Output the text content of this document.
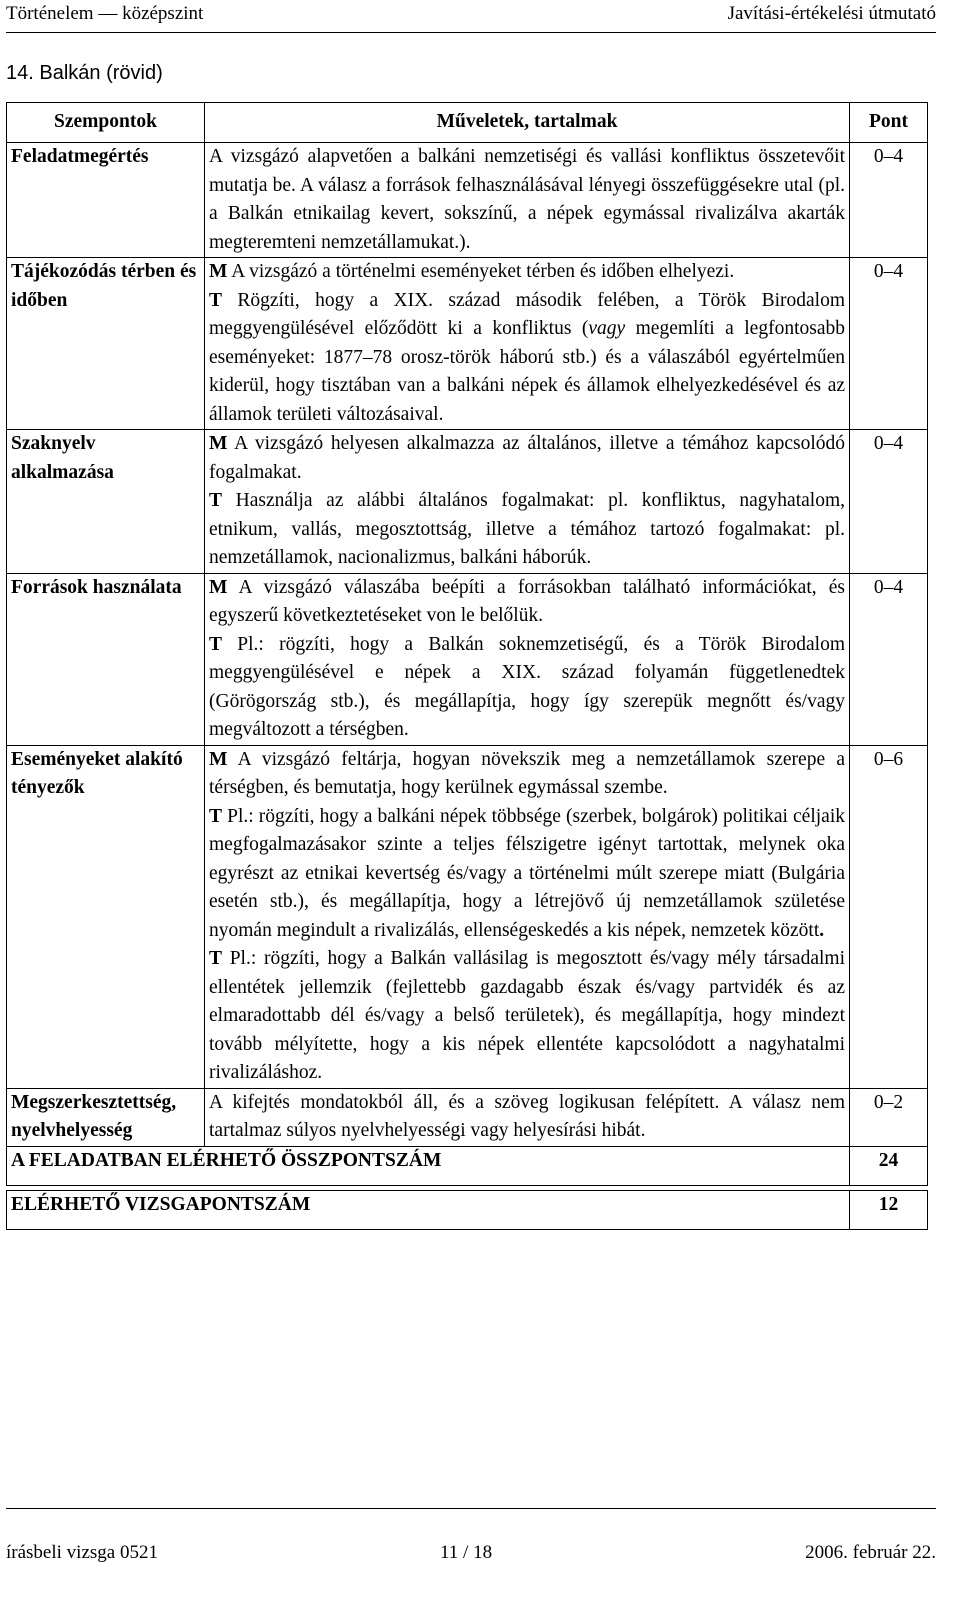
Történelem — középszint	Javítási-értékelési útmutató
14. Balkán (rövid)
Szempontok	Műveletek, tartalmak	Pont
Feladatmegértés	A vizsgázó alapvetően a balkáni nemzetiségi és vallási konfliktus összetevőit mutatja be. A válasz a források felhasználásával lényegi összefüggésekre utal (pl. a Balkán etnikailag kevert, sokszínű, a népek egymással rivalizálva akarták megteremteni nemzetállamukat.).	0–4
Tájékozódás térben és időben	M A vizsgázó a történelmi eseményeket térben és időben elhelyezi.
T Rögzíti, hogy a XIX. század második felében, a Török Birodalom meggyengülésével előződött ki a konfliktus (vagy megemlíti a legfontosabb eseményeket: 1877–78 orosz-török háború stb.) és a válaszából egyértelműen kiderül, hogy tisztában van a balkáni népek és államok elhelyezkedésével és az államok területi változásaival.	0–4
Szaknyelv alkalmazása	M A vizsgázó helyesen alkalmazza az általános, illetve a témához kapcsolódó fogalmakat.
T Használja az alábbi általános fogalmakat: pl. konfliktus, nagyhatalom, etnikum, vallás, megosztottság, illetve a témához tartozó fogalmakat: pl. nemzetállamok, nacionalizmus, balkáni háborúk.	0–4
Források használata	M A vizsgázó válaszába beépíti a forrásokban található információkat, és egyszerű következtetéseket von le belőlük.
T Pl.: rögzíti, hogy a Balkán soknemzetiségű, és a Török Birodalom meggyengülésével e népek a XIX. század folyamán függetlenedtek (Görögország stb.), és megállapítja, hogy így szerepük megnőtt és/vagy megváltozott a térségben.	0–4
Eseményeket alakító tényezők	M A vizsgázó feltárja, hogyan növekszik meg a nemzetállamok szerepe a térségben, és bemutatja, hogy kerülnek egymással szembe.
T Pl.: rögzíti, hogy a balkáni népek többsége (szerbek, bolgárok) politikai céljaik megfogalmazásakor szinte a teljes félszigetre igényt tartottak, melynek oka egyrészt az etnikai kevertség és/vagy a történelmi múlt szerepe miatt (Bulgária esetén stb.), és megállapítja, hogy a létrejövő új nemzetállamok születése nyomán megindult a rivalizálás, ellenségeskedés a kis népek, nemzetek között.
T Pl.: rögzíti, hogy a Balkán vallásilag is megosztott és/vagy mély társadalmi ellentétek jellemzik (fejlettebb gazdagabb észak és/vagy partvidék és az elmaradottabb dél és/vagy a belső területek), és megállapítja, hogy mindezt tovább mélyítette, hogy a kis népek ellentéte kapcsolódott a nagyhatalmi rivalizáláshoz.	0–6
Megszerkesztettség, nyelvhelyesség	A kifejtés mondatokból áll, és a szöveg logikusan felépített. A válasz nem tartalmaz súlyos nyelvhelyességi vagy helyesírási hibát.	0–2
A FELADATBAN ELÉRHETŐ ÖSSZPONTSZÁM		24

ELÉRHETŐ VIZSGAPONTSZÁM		12
írásbeli vizsga 0521	11 / 18	2006. február 22.
